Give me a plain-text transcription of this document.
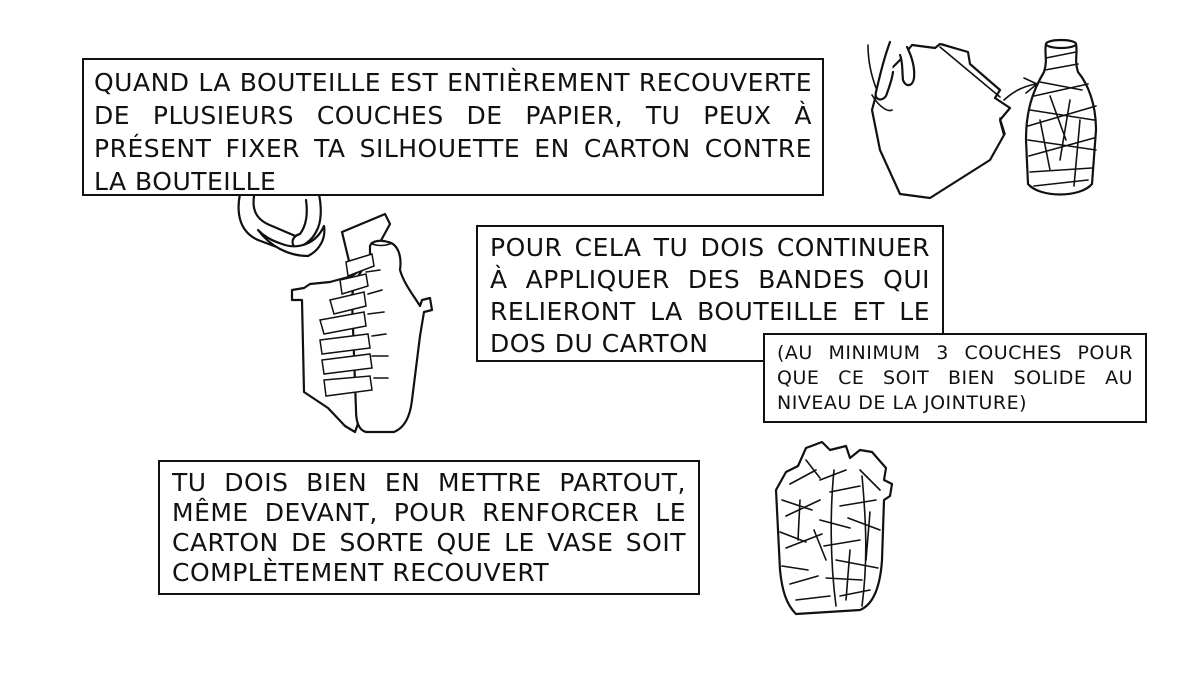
QUAND LA BOUTEILLE EST ENTIÈREMENT RECOUVERTE DE PLUSIEURS COUCHES DE PAPIER, TU PEUX À PRÉSENT FIXER TA SILHOUETTE EN CARTON CONTRE LA BOUTEILLE

POUR CELA TU DOIS CONTINUER À APPLIQUER DES BANDES QUI RELIERONT LA BOUTEILLE ET LE DOS DU CARTON	(AU MINIMUM 3 COUCHES POUR QUE CE SOIT BIEN SOLIDE AU NIVEAU DE LA JOINTURE)

TU DOIS BIEN EN METTRE PARTOUT, MÊME DEVANT, POUR RENFORCER LE CARTON DE SORTE QUE LE VASE SOIT COMPLÈTEMENT RECOUVERT
